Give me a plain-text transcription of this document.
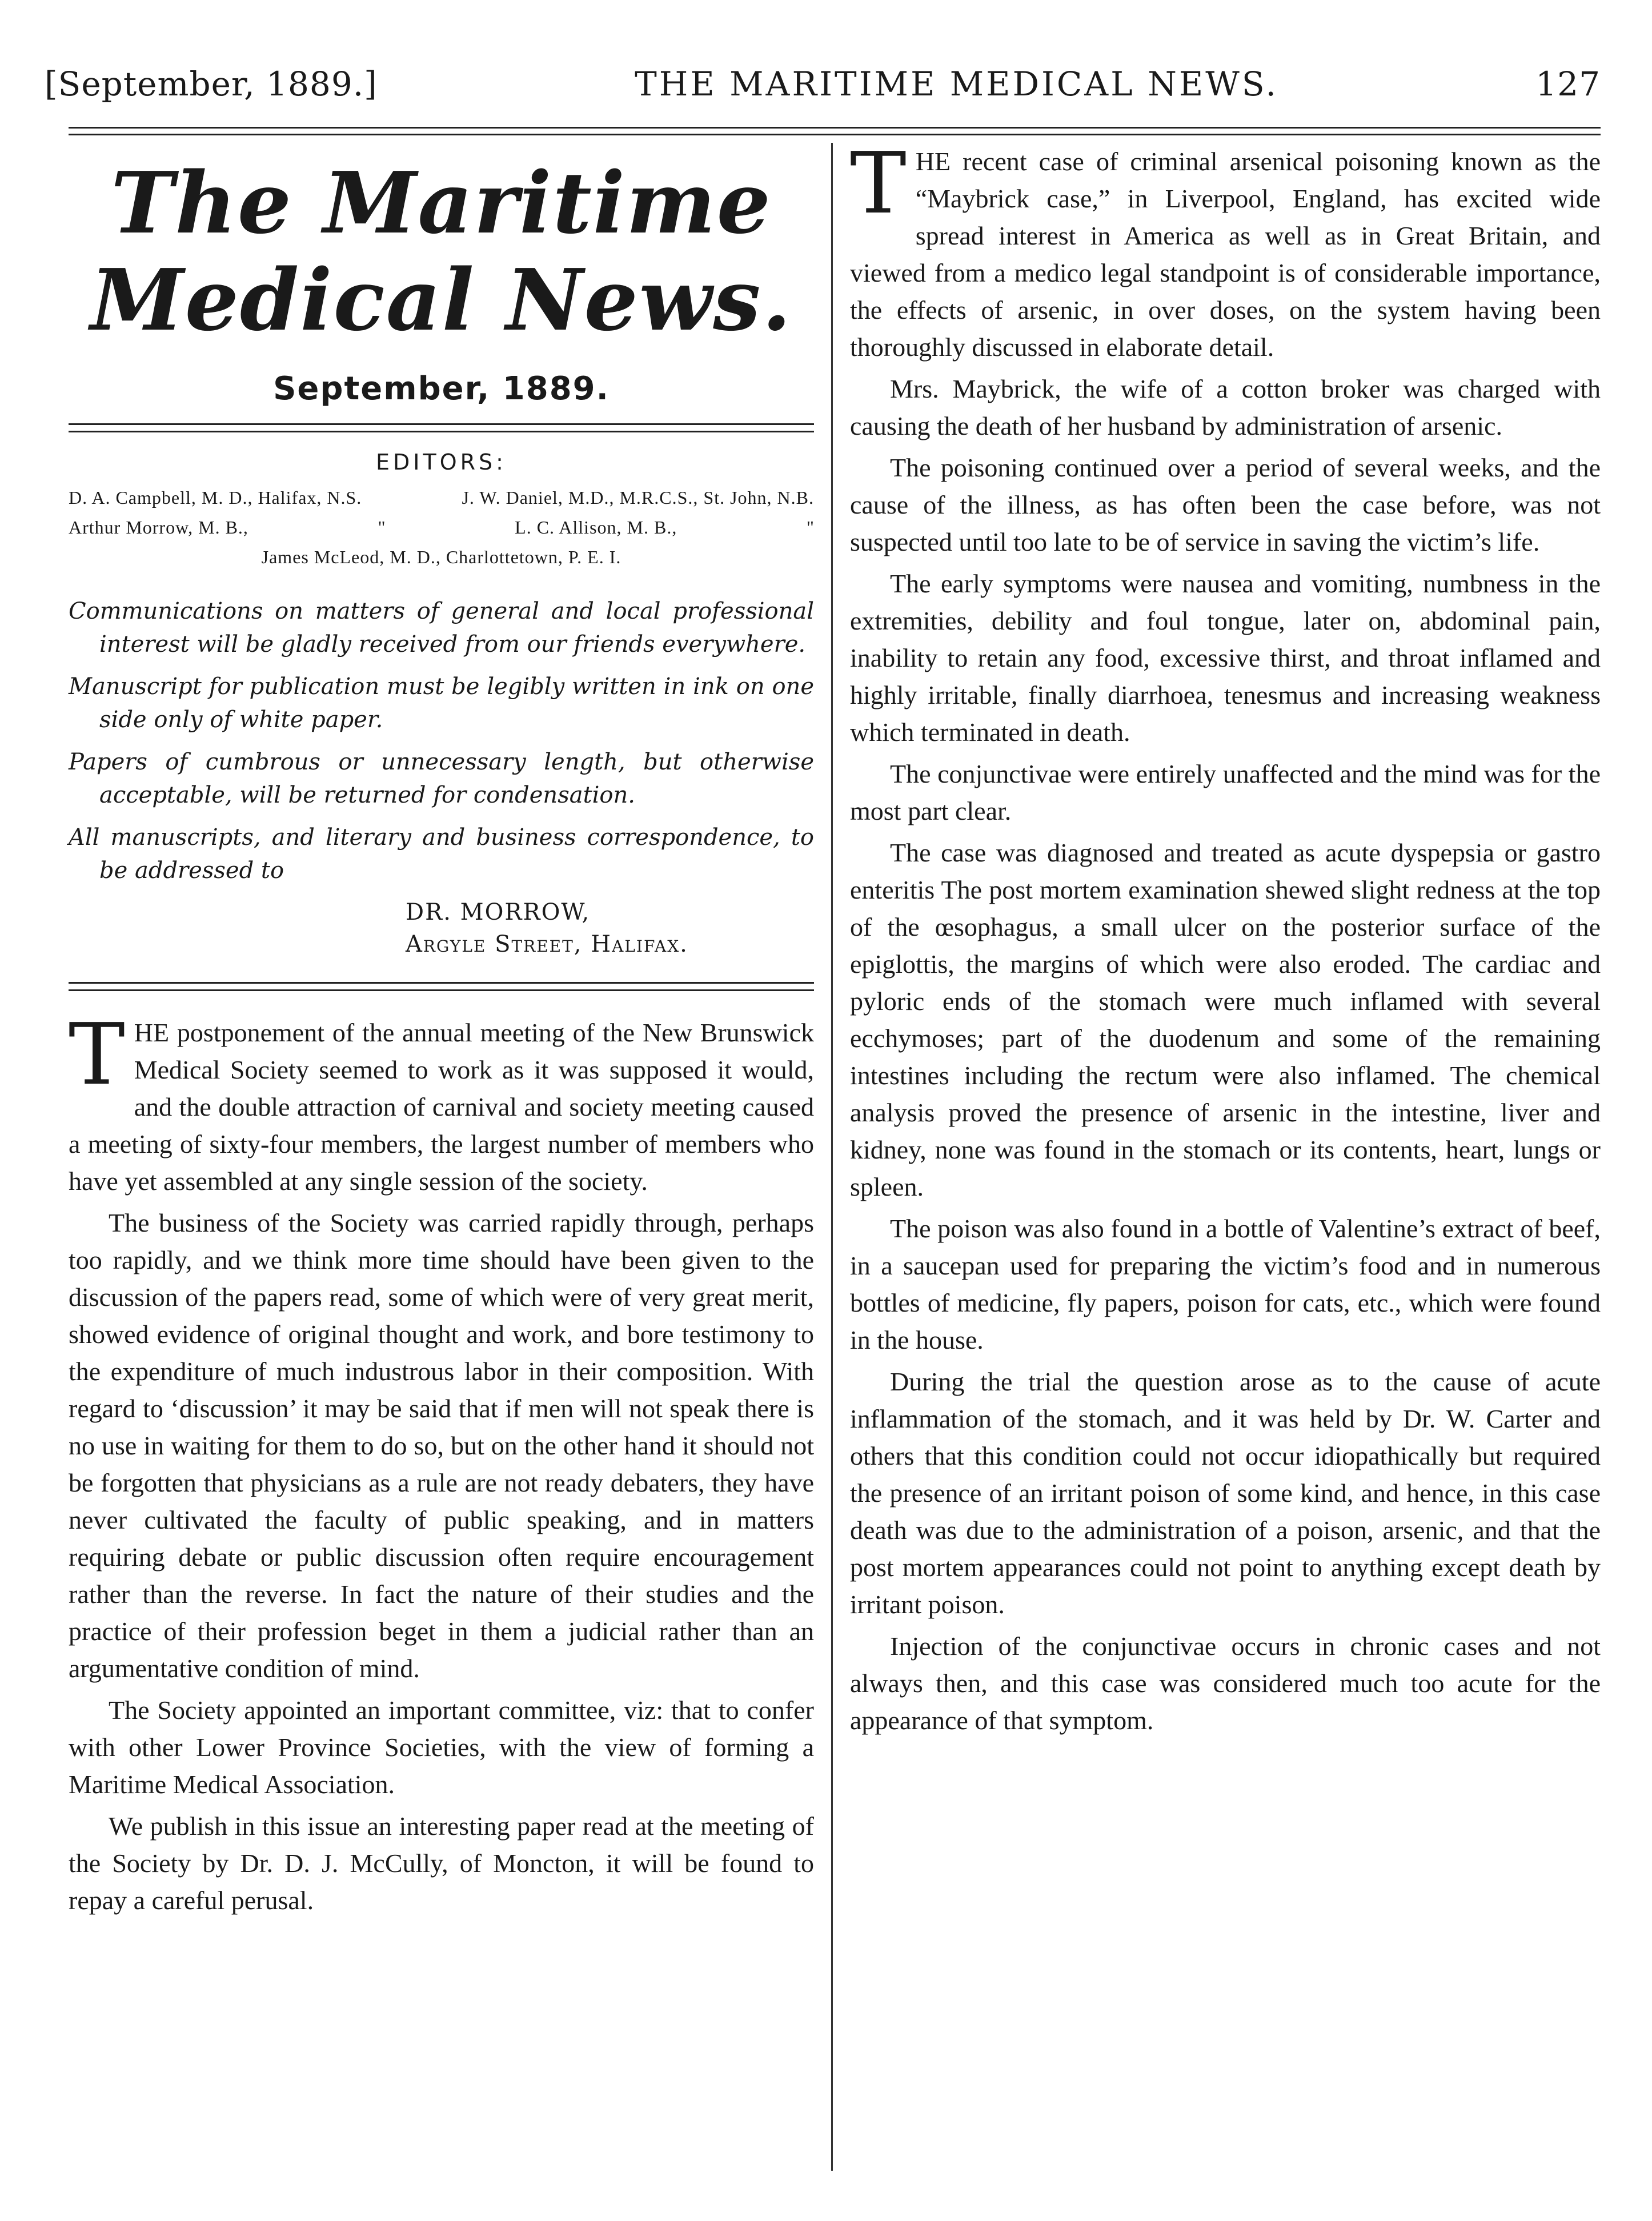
[September, 1889.]	THE MARITIME MEDICAL NEWS.	127
The Maritime Medical News.
September, 1889.
EDITORS:
D. A. Campbell, M. D., Halifax, N.S.	J. W. Daniel, M.D., M.R.C.S., St. John, N.B.
Arthur Morrow, M. B.,	"	L. C. Allison, M. B.,	"
James McLeod, M. D., Charlottetown, P. E. I.
Communications on matters of general and local professional interest will be gladly received from our friends everywhere.
Manuscript for publication must be legibly written in ink on one side only of white paper.
Papers of cumbrous or unnecessary length, but otherwise acceptable, will be returned for condensation.
All manuscripts, and literary and business correspondence, to be addressed to
DR. MORROW,
Argyle Street, Halifax.

THE postponement of the annual meeting of the New Brunswick Medical Society seemed to work as it was supposed it would, and the double attraction of carnival and society meeting caused a meeting of sixty-four members, the largest number of members who have yet assembled at any single session of the society.

The business of the Society was carried rapidly through, perhaps too rapidly, and we think more time should have been given to the discussion of the papers read, some of which were of very great merit, showed evidence of original thought and work, and bore testimony to the expenditure of much industrous labor in their composition. With regard to ‘discussion’ it may be said that if men will not speak there is no use in waiting for them to do so, but on the other hand it should not be forgotten that physicians as a rule are not ready debaters, they have never cultivated the faculty of public speaking, and in matters requiring debate or public discussion often require encouragement rather than the reverse. In fact the nature of their studies and the practice of their profession beget in them a judicial rather than an argumentative condition of mind.

The Society appointed an important committee, viz: that to confer with other Lower Province Societies, with the view of forming a Maritime Medical Association.

We publish in this issue an interesting paper read at the meeting of the Society by Dr. D. J. McCully, of Moncton, it will be found to repay a careful perusal.

THE recent case of criminal arsenical poisoning known as the “Maybrick case,” in Liverpool, England, has excited wide spread interest in America as well as in Great Britain, and viewed from a medico legal standpoint is of considerable importance, the effects of arsenic, in over doses, on the system having been thoroughly discussed in elaborate detail.

Mrs. Maybrick, the wife of a cotton broker was charged with causing the death of her husband by administration of arsenic.

The poisoning continued over a period of several weeks, and the cause of the illness, as has often been the case before, was not suspected until too late to be of service in saving the victim’s life.

The early symptoms were nausea and vomiting, numbness in the extremities, debility and foul tongue, later on, abdominal pain, inability to retain any food, excessive thirst, and throat inflamed and highly irritable, finally diarrhoea, tenesmus and increasing weakness which terminated in death.

The conjunctivae were entirely unaffected and the mind was for the most part clear.

The case was diagnosed and treated as acute dyspepsia or gastro enteritis The post mortem examination shewed slight redness at the top of the œsophagus, a small ulcer on the posterior surface of the epiglottis, the margins of which were also eroded. The cardiac and pyloric ends of the stomach were much inflamed with several ecchymoses; part of the duodenum and some of the remaining intestines including the rectum were also inflamed. The chemical analysis proved the presence of arsenic in the intestine, liver and kidney, none was found in the stomach or its contents, heart, lungs or spleen.

The poison was also found in a bottle of Valentine’s extract of beef, in a saucepan used for preparing the victim’s food and in numerous bottles of medicine, fly papers, poison for cats, etc., which were found in the house.

During the trial the question arose as to the cause of acute inflammation of the stomach, and it was held by Dr. W. Carter and others that this condition could not occur idiopathically but required the presence of an irritant poison of some kind, and hence, in this case death was due to the administration of a poison, arsenic, and that the post mortem appearances could not point to anything except death by irritant poison.

Injection of the conjunctivae occurs in chronic cases and not always then, and this case was considered much too acute for the appearance of that symptom.
